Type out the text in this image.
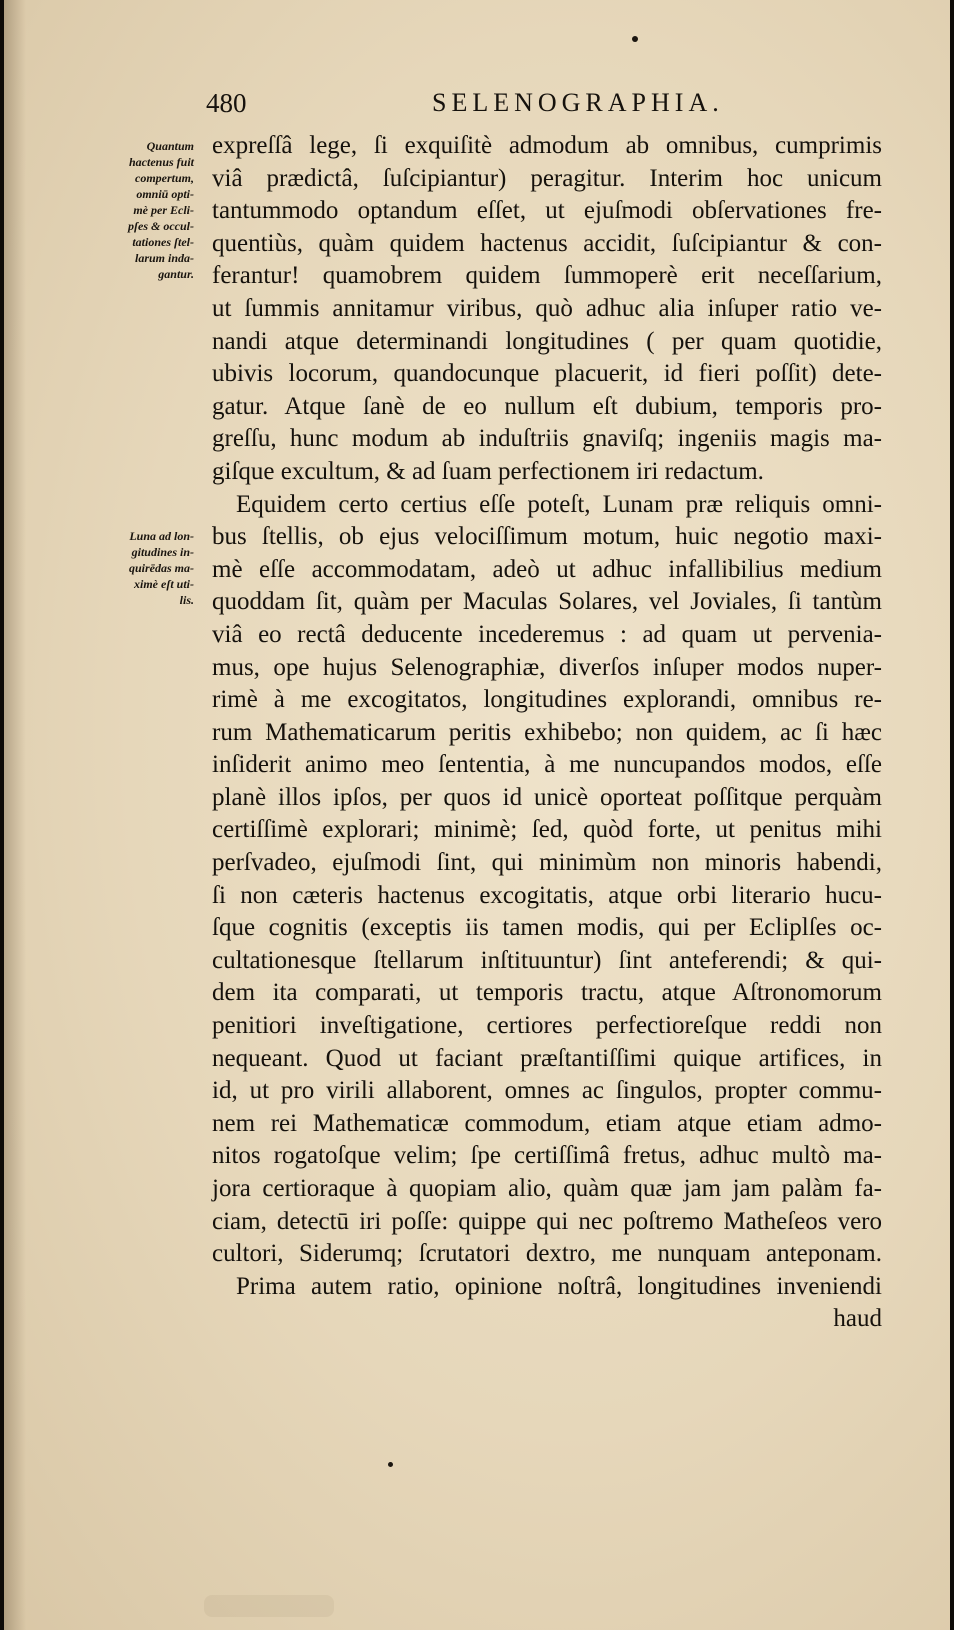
480	SELENOGRAPHIA.
Quantum
hactenus fuit
compertum,
omniū opti-
mè per Ecli-
pſes & occul-
tationes ſtel-
larum inda-
gantur.
Luna ad lon-
gitudines in-
quirēdas ma-
ximè eſt uti-
lis.
expreſſâ lege, ſi exquiſitè admodum ab omnibus, cumprimis
viâ prædictâ, ſuſcipiantur) peragitur. Interim hoc unicum
tantummodo optandum eſſet, ut ejuſmodi obſervationes fre-
quentiùs, quàm quidem hactenus accidit, ſuſcipiantur & con-
ferantur! quamobrem quidem ſummoperè erit neceſſarium,
ut ſummis annitamur viribus, quò adhuc alia inſuper ratio ve-
nandi atque determinandi longitudines ( per quam quotidie,
ubivis locorum, quandocunque placuerit, id fieri poſſit) dete-
gatur. Atque ſanè de eo nullum eſt dubium, temporis pro-
greſſu, hunc modum ab induſtriis gnaviſq; ingeniis magis ma-
giſque excultum, & ad ſuam perfectionem iri redactum.
Equidem certo certius eſſe poteſt, Lunam præ reliquis omni-
bus ſtellis, ob ejus velociſſimum motum, huic negotio maxi-
mè eſſe accommodatam, adeò ut adhuc infallibilius medium
quoddam ſit, quàm per Maculas Solares, vel Joviales, ſi tantùm
viâ eo rectâ deducente incederemus : ad quam ut pervenia-
mus, ope hujus Selenographiæ, diverſos inſuper modos nuper-
rimè à me excogitatos, longitudines explorandi, omnibus re-
rum Mathematicarum peritis exhibebo; non quidem, ac ſi hæc
inſiderit animo meo ſententia, à me nuncupandos modos, eſſe
planè illos ipſos, per quos id unicè oporteat poſſitque perquàm
certiſſimè explorari; minimè; ſed, quòd forte, ut penitus mihi
perſvadeo, ejuſmodi ſint, qui minimùm non minoris habendi,
ſi non cæteris hactenus excogitatis, atque orbi literario hucu-
ſque cognitis (exceptis iis tamen modis, qui per Ecliplſes oc-
cultationesque ſtellarum inſtituuntur) ſint anteferendi; & qui-
dem ita comparati, ut temporis tractu, atque Aſtronomorum
penitiori inveſtigatione, certiores perfectioreſque reddi non
nequeant. Quod ut faciant præſtantiſſimi quique artifices, in
id, ut pro virili allaborent, omnes ac ſingulos, propter commu-
nem rei Mathematicæ commodum, etiam atque etiam admo-
nitos rogatoſque velim; ſpe certiſſimâ fretus, adhuc multò ma-
jora certioraque à quopiam alio, quàm quæ jam jam palàm fa-
ciam, detectū iri poſſe: quippe qui nec poſtremo Matheſeos vero
cultori, Siderumq; ſcrutatori dextro, me nunquam anteponam.
Prima autem ratio, opinione noſtrâ, longitudines inveniendi
haud
